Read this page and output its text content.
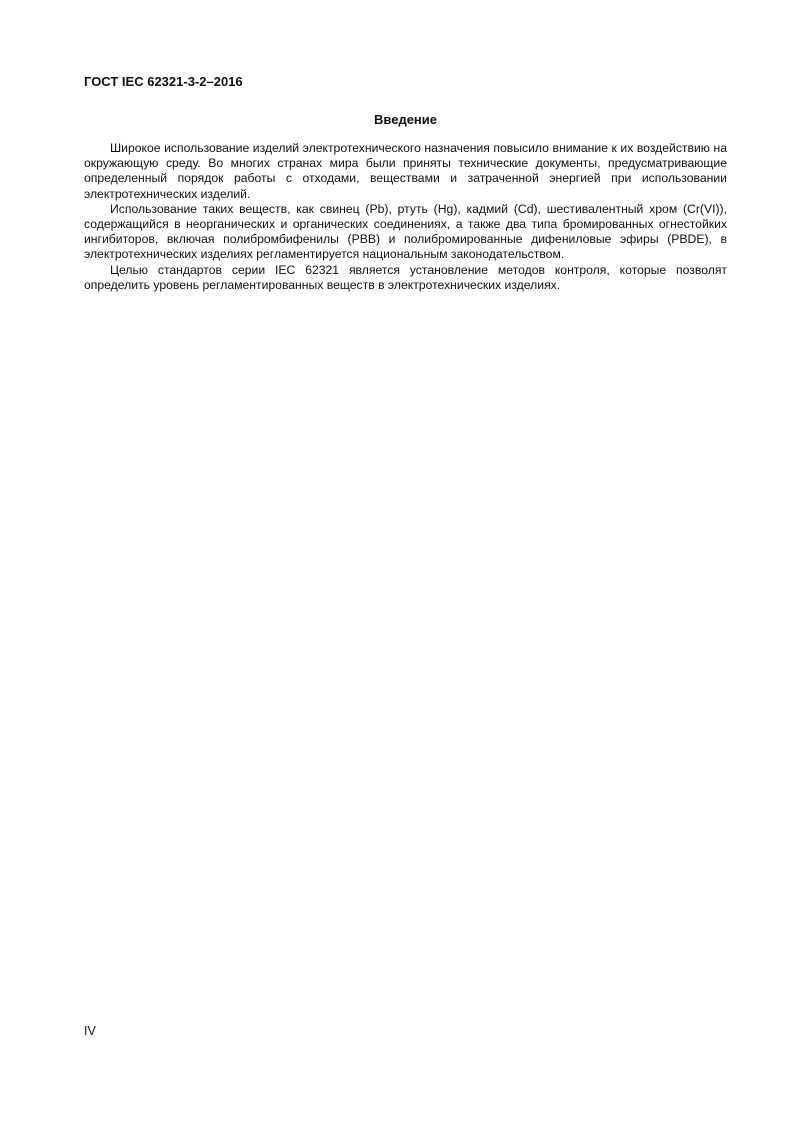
ГОСТ IEC 62321-3-2–2016
Введение

Широкое использование изделий электротехнического назначения повысило внимание к их воздействию на окружающую среду. Во многих странах мира были приняты технические документы, предусматривающие определенный порядок работы с отходами, веществами и затраченной энергией при использовании электротехнических изделий.

Использование таких веществ, как свинец (Pb), ртуть (Hg), кадмий (Cd), шестивалентный хром (Cr(VI)), содержащийся в неорганических и органических соединениях, а также два типа бромированных огнестойких ингибиторов, включая полибромбифенилы (PBB) и полибромированные дифениловые эфиры (PBDE), в электротехнических изделиях регламентируется национальным законодательством.

Целью стандартов серии IEC 62321 является установление методов контроля, которые позволят определить уровень регламентированных веществ в электротехнических изделиях.

IV
